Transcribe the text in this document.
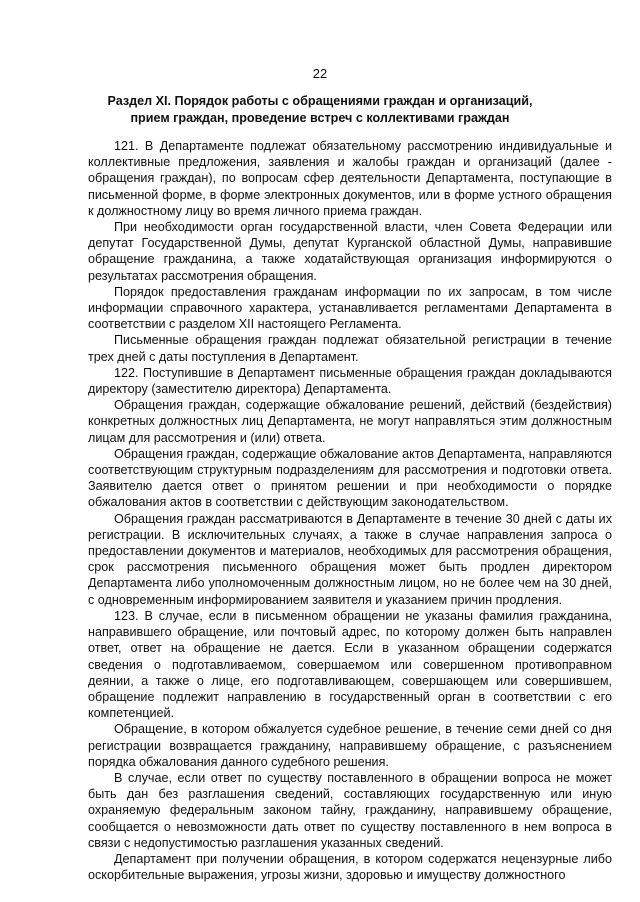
22
Раздел XI. Порядок работы с обращениями граждан и организаций,
прием граждан, проведение встреч с коллективами граждан

121. В Департаменте подлежат обязательному рассмотрению индивидуальные и коллективные предложения, заявления и жалобы граждан и организаций (далее - обращения граждан), по вопросам сфер деятельности Департамента, поступающие в письменной форме, в форме электронных документов, или в форме устного обращения к должностному лицу во время личного приема граждан.

При необходимости орган государственной власти, член Совета Федерации или депутат Государственной Думы, депутат Курганской областной Думы, направившие обращение гражданина, а также ходатайствующая организация информируются о результатах рассмотрения обращения.

Порядок предоставления гражданам информации по их запросам, в том числе информации справочного характера, устанавливается регламентами Департамента в соответствии с разделом XII настоящего Регламента.

Письменные обращения граждан подлежат обязательной регистрации в течение трех дней с даты поступления в Департамент.

122. Поступившие в Департамент письменные обращения граждан докладываются директору (заместителю директора) Департамента.

Обращения граждан, содержащие обжалование решений, действий (бездействия) конкретных должностных лиц Департамента, не могут направляться этим должностным лицам для рассмотрения и (или) ответа.

Обращения граждан, содержащие обжалование актов Департамента, направляются соответствующим структурным подразделениям для рассмотрения и подготовки ответа. Заявителю дается ответ о принятом решении и при необходимости о порядке обжалования актов в соответствии с действующим законодательством.

Обращения граждан рассматриваются в Департаменте в течение 30 дней с даты их регистрации. В исключительных случаях, а также в случае направления запроса о предоставлении документов и материалов, необходимых для рассмотрения обращения, срок рассмотрения письменного обращения может быть продлен директором Департамента либо уполномоченным должностным лицом, но не более чем на 30 дней, с одновременным информированием заявителя и указанием причин продления.

123. В случае, если в письменном обращении не указаны фамилия гражданина, направившего обращение, или почтовый адрес, по которому должен быть направлен ответ, ответ на обращение не дается. Если в указанном обращении содержатся сведения о подготавливаемом, совершаемом или совершенном противоправном деянии, а также о лице, его подготавливающем, совершающем или совершившем, обращение подлежит направлению в государственный орган в соответствии с его компетенцией.

Обращение, в котором обжалуется судебное решение, в течение семи дней со дня регистрации возвращается гражданину, направившему обращение, с разъяснением порядка обжалования данного судебного решения.

В случае, если ответ по существу поставленного в обращении вопроса не может быть дан без разглашения сведений, составляющих государственную или иную охраняемую федеральным законом тайну, гражданину, направившему обращение, сообщается о невозможности дать ответ по существу поставленного в нем вопроса в связи с недопустимостью разглашения указанных сведений.

Департамент при получении обращения, в котором содержатся нецензурные либо оскорбительные выражения, угрозы жизни, здоровью и имуществу должностного
